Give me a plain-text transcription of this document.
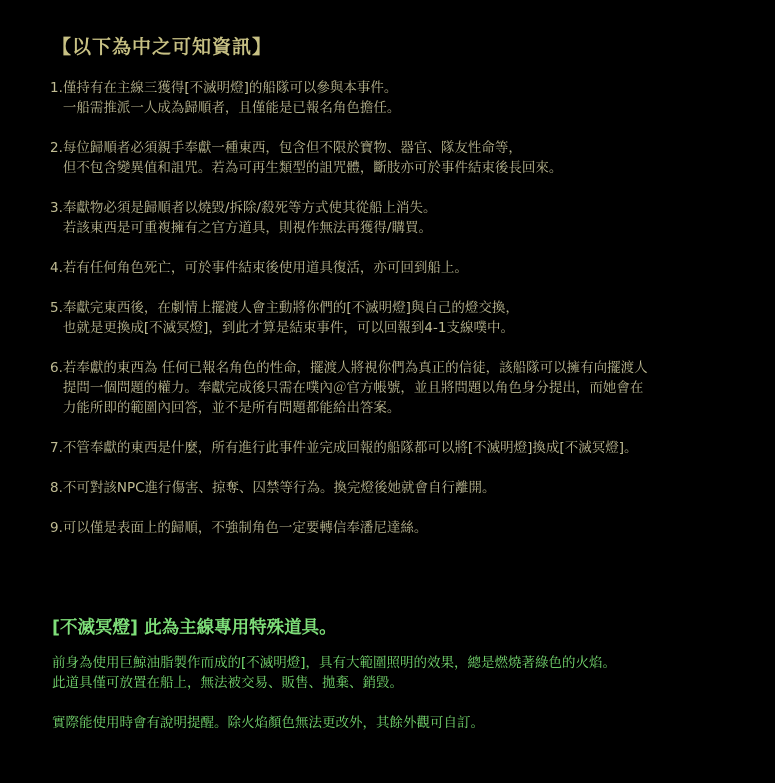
【以下為中之可知資訊】
1. 僅持有在主線三獲得[不滅明燈]的船隊可以參與本事件。
一船需推派一人成為歸順者，且僅能是已報名角色擔任。
2. 每位歸順者必須親手奉獻一種東西，包含但不限於寶物、器官、隊友性命等，
但不包含變異值和詛咒。若為可再生類型的詛咒體，斷肢亦可於事件結束後長回來。
3. 奉獻物必須是歸順者以燒毀/拆除/殺死等方式使其從船上消失。
若該東西是可重複擁有之官方道具，則視作無法再獲得/購買。
4. 若有任何角色死亡，可於事件結束後使用道具復活，亦可回到船上。
5. 奉獻完東西後，在劇情上擺渡人會主動將你們的[不滅明燈]與自己的燈交換，
也就是更換成[不滅冥燈]，到此才算是結束事件，可以回報到4-1支線噗中。
6. 若奉獻的東西為 任何已報名角色的性命，擺渡人將視你們為真正的信徒，該船隊可以擁有向擺渡人
提問一個問題的權力。奉獻完成後只需在噗內＠官方帳號，並且將問題以角色身分提出，而她會在
力能所即的範圍內回答，並不是所有問題都能給出答案。
7. 不管奉獻的東西是什麼，所有進行此事件並完成回報的船隊都可以將[不滅明燈]換成[不滅冥燈]。
8. 不可對該NPC進行傷害、掠奪、囚禁等行為。換完燈後她就會自行離開。
9. 可以僅是表面上的歸順，不強制角色一定要轉信奉潘尼達絲。
[不滅冥燈] 此為主線專用特殊道具。
前身為使用巨鯨油脂製作而成的[不滅明燈]，具有大範圍照明的效果，總是燃燒著綠色的火焰。
此道具僅可放置在船上，無法被交易、販售、拋棄、銷毀。
實際能使用時會有說明提醒。除火焰顏色無法更改外，其餘外觀可自訂。
